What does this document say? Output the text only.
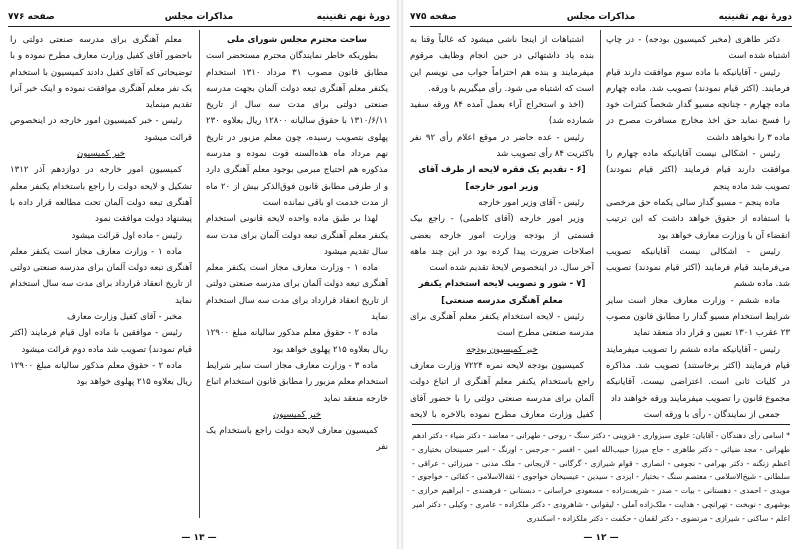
دورهٔ نهم تقنینیه
مذاکرات مجلس
صفحه ۷۷۶

ساحت محترم مجلس شورای ملی

بطوریکه خاطر نمایندگان محترم مستحضر است مطابق قانون مصوب ۳۱ مرداد ۱۳۱۰ استخدام یکنفر معلم آهنگری تبعه دولت آلمان بجهت مدرسه صنعتی دولتی برای مدت سه سال از تاریخ ۱۳۱۰/۶/۱۱ با حقوق سالیانه ۱۲۸۰۰ ریال بعلاوه ۲۳۰ پهلوی بتصویب رسیده، چون معلم مزبور در تاریخ نهم مرداد ماه هذه‌السنه فوت نموده و مدرسه مذکوره هم احتیاج مبرمی بوجود معلم آهنگری دارد و از طرفی مطابق قانون فوق‌الذکر بیش از ۲۰ ماه از مدت خدمت او باقی نمانده است

لهذا بر طبق ماده واحده لایحه قانونی استخدام یکنفر معلم آهنگری تبعه دولت آلمان برای مدت سه سال تقدیم میشود

ماده ۱ - وزارت معارف مجاز است یکنفر معلم آهنگری تبعه دولت آلمان برای مدرسه صنعتی دولتی از تاریخ انعقاد قرارداد برای مدت سه سال استخدام نماید

ماده ۲ - حقوق معلم مذکور سالیانه مبلغ ۱۲۹۰۰ ریال بعلاوه ۲۱۵ پهلوی خواهد بود

ماده ۳ - وزارت معارف مجاز است سایر شرایط استخدام معلم مزبور را مطابق قانون استخدام اتباع خارجه منعقد نماید

خبر کمیسیون

کمیسیون معارف لایحه دولت راجع باستخدام یک نفر

معلم آهنگری برای مدرسه صنعتی دولتی را باحضور آقای کفیل وزارت معارف مطرح نموده و با توضیحاتی که آقای کفیل دادند کمیسیون با استخدام یک نفر معلم آهنگری موافقت نموده و اینک خبر آنرا تقدیم مینماید

رئیس - خبر کمیسیون امور خارجه در اینخصوص قرائت میشود

خبر کمیسیون

کمیسیون امور خارجه در دوازدهم آذر ۱۳۱۲ تشکیل و لایحه دولت را راجع باستخدام یکنفر معلم آهنگری تبعه دولت آلمان تحت مطالعه قرار داده با پیشنهاد دولت موافقت نمود

رئیس - ماده اول قرائت میشود

ماده ۱ - وزارت معارف مجاز است یکنفر معلم آهنگری تبعه دولت آلمان برای مدرسه صنعتی دولتی از تاریخ انعقاد قرارداد برای مدت سه سال استخدام نماید

مخبر - آقای کفیل وزارت معارف

رئیس - موافقین با ماده اول قیام فرمایند (اکثر قیام نمودند) تصویب شد ماده دوم قرائت میشود

ماده ۲ - حقوق معلم مذکور سالیانه مبلغ ۱۲۹۰۰ ریال بعلاوه ۲۱۵ پهلوی خواهد بود

— ۱۳ —
دورهٔ نهم تقنینیه
مذاکرات مجلس
صفحه ۷۷۵

دکتر طاهری (مخبر کمیسیون بودجه) - در چاپ اشتباه شده است

رئیس - آقایانیکه با ماده سوم موافقت دارند قیام فرمایند. (اکثر قیام نمودند) تصویب شد. ماده چهارم ماده چهارم - چنانچه مسیو گدار شخصاً کنترات خود را فسخ نماید حق اخذ مخارج مسافرت مصرح در ماده ۳ را نخواهد داشت

رئیس - اشکالی نیست آقایانیکه ماده چهارم را موافقت دارند قیام فرمایند (اکثر قیام نمودند) تصویب شد ماده پنجم

ماده پنجم - مسیو گدار سالی یکماه حق مرخصی با استفاده از حقوق خواهد داشت که این ترتیب انقضاء آن با وزارت معارف خواهد بود

رئیس - اشکالی نیست آقایانیکه تصویب می‌فرمایند قیام فرمایند (اکثر قیام نمودند) تصویب شد. ماده ششم

ماده ششم - وزارت معارف مجاز است سایر شرایط استخدام مسیو گدار را مطابق قانون مصوب ۲۳ عقرب ۱۳۰۱ تعیین و قرار داد منعقد نماید

رئیس - آقایانیکه ماده ششم را تصویب میفرمایند قیام فرمایند (اکثر برخاستند) تصویب شد. مذاکره در کلیات ثانی است. اعتراضی نیست. آقایانیکه مجموع قانون را تصویب میفرمایند ورقه خواهند داد

جمعی از نمایندگان - رأی با ورقه است

اشتباهات از اینجا ناشی میشود که غالباً وقتا به بنده یاد داشتهائی در حین انجام وظایف مرقوم میفرمایند و بنده هم احتراماً جواب می نویسم این است که اشتباه می شود. رأی میگیریم با ورقه.

(اخذ و استخراج آراء بعمل آمده ۸۴ ورقه سفید شمارده شد)

رئیس - عده حاضر در موقع اعلام رأی ۹۲ نفر باکثریت ۸۴ رأی تصویب شد

[۶ - تقدیم یک فقره لایحه از طرف آقای وزیر امور خارجه]

رئیس - آقای وزیر امور خارجه

وزیر امور خارجه (آقای کاظمی) - راجع بیک قسمتی از بودجه وزارت امور خارجه بعضی اصلاحات ضرورت پیدا کرده بود در این چند ماهه آخر سال. در اینخصوص لایحهٔ تقدیم شده است

[۷ - شور و تصویب لایحه استخدام یکنفر معلم آهنگری مدرسه صنعتی]

رئیس - لایحه استخدام یکنفر معلم آهنگری برای مدرسه صنعتی مطرح است

خبر کمیسیون بودجه

کمیسیون بودجه لایحه نمره ۷۲۲۴ وزارت معارف راجع باستخدام یکنفر معلم آهنگری از اتباع دولت آلمان برای مدرسه صنعتی دولتی را با حضور آقای کفیل وزارت معارف مطرح نموده بالاخره با لایحه

* اسامی رأی دهندگان - آقایان: علوی سبزواری - قزوینی - دکتر سنگ - روحی - طهرانی - معاضد - دکتر ضیاء - دکتر ادهم طهرانی - مجد ضیائی - دکتر طاهری - حاج میرزا حبیب‌الله امین - افسر - جرجس - اورنگ - امیر حسینخان بختیاری - اعظم زنگنه - دکتر بهرامی - نجومی - انصاری - قوام شیرازی - گرگانی - لاریجانی - ملک مدنی - میرزائی - عراقی - سلطانی - شیخ‌الاسلامی - معتصم سنگ - بختیار - ایزدی - سیدین - عیسیخان خواجوی - ثقة‌الاسلامی - کفائی - خواجوی - مویدی - احمدی - دهستانی - بیات - صدر - شریعت‌زاده - مسعودی خراسانی - دبستانی - فرهمندی - ابراهیم خرازی - بوشهری - نوبخت - تهرانچی - هدایت - ملک‌زاده آملی - لیقوانی - شاهرودی - دکتر ملکزاده - عامری - وکیلی - دکتر امیر اعلم - ساکنی - شیرازی - مرتضوی - دکتر لقمان - حکمت - دکتر ملکزاده - اسکندری
— ۱۲ —
